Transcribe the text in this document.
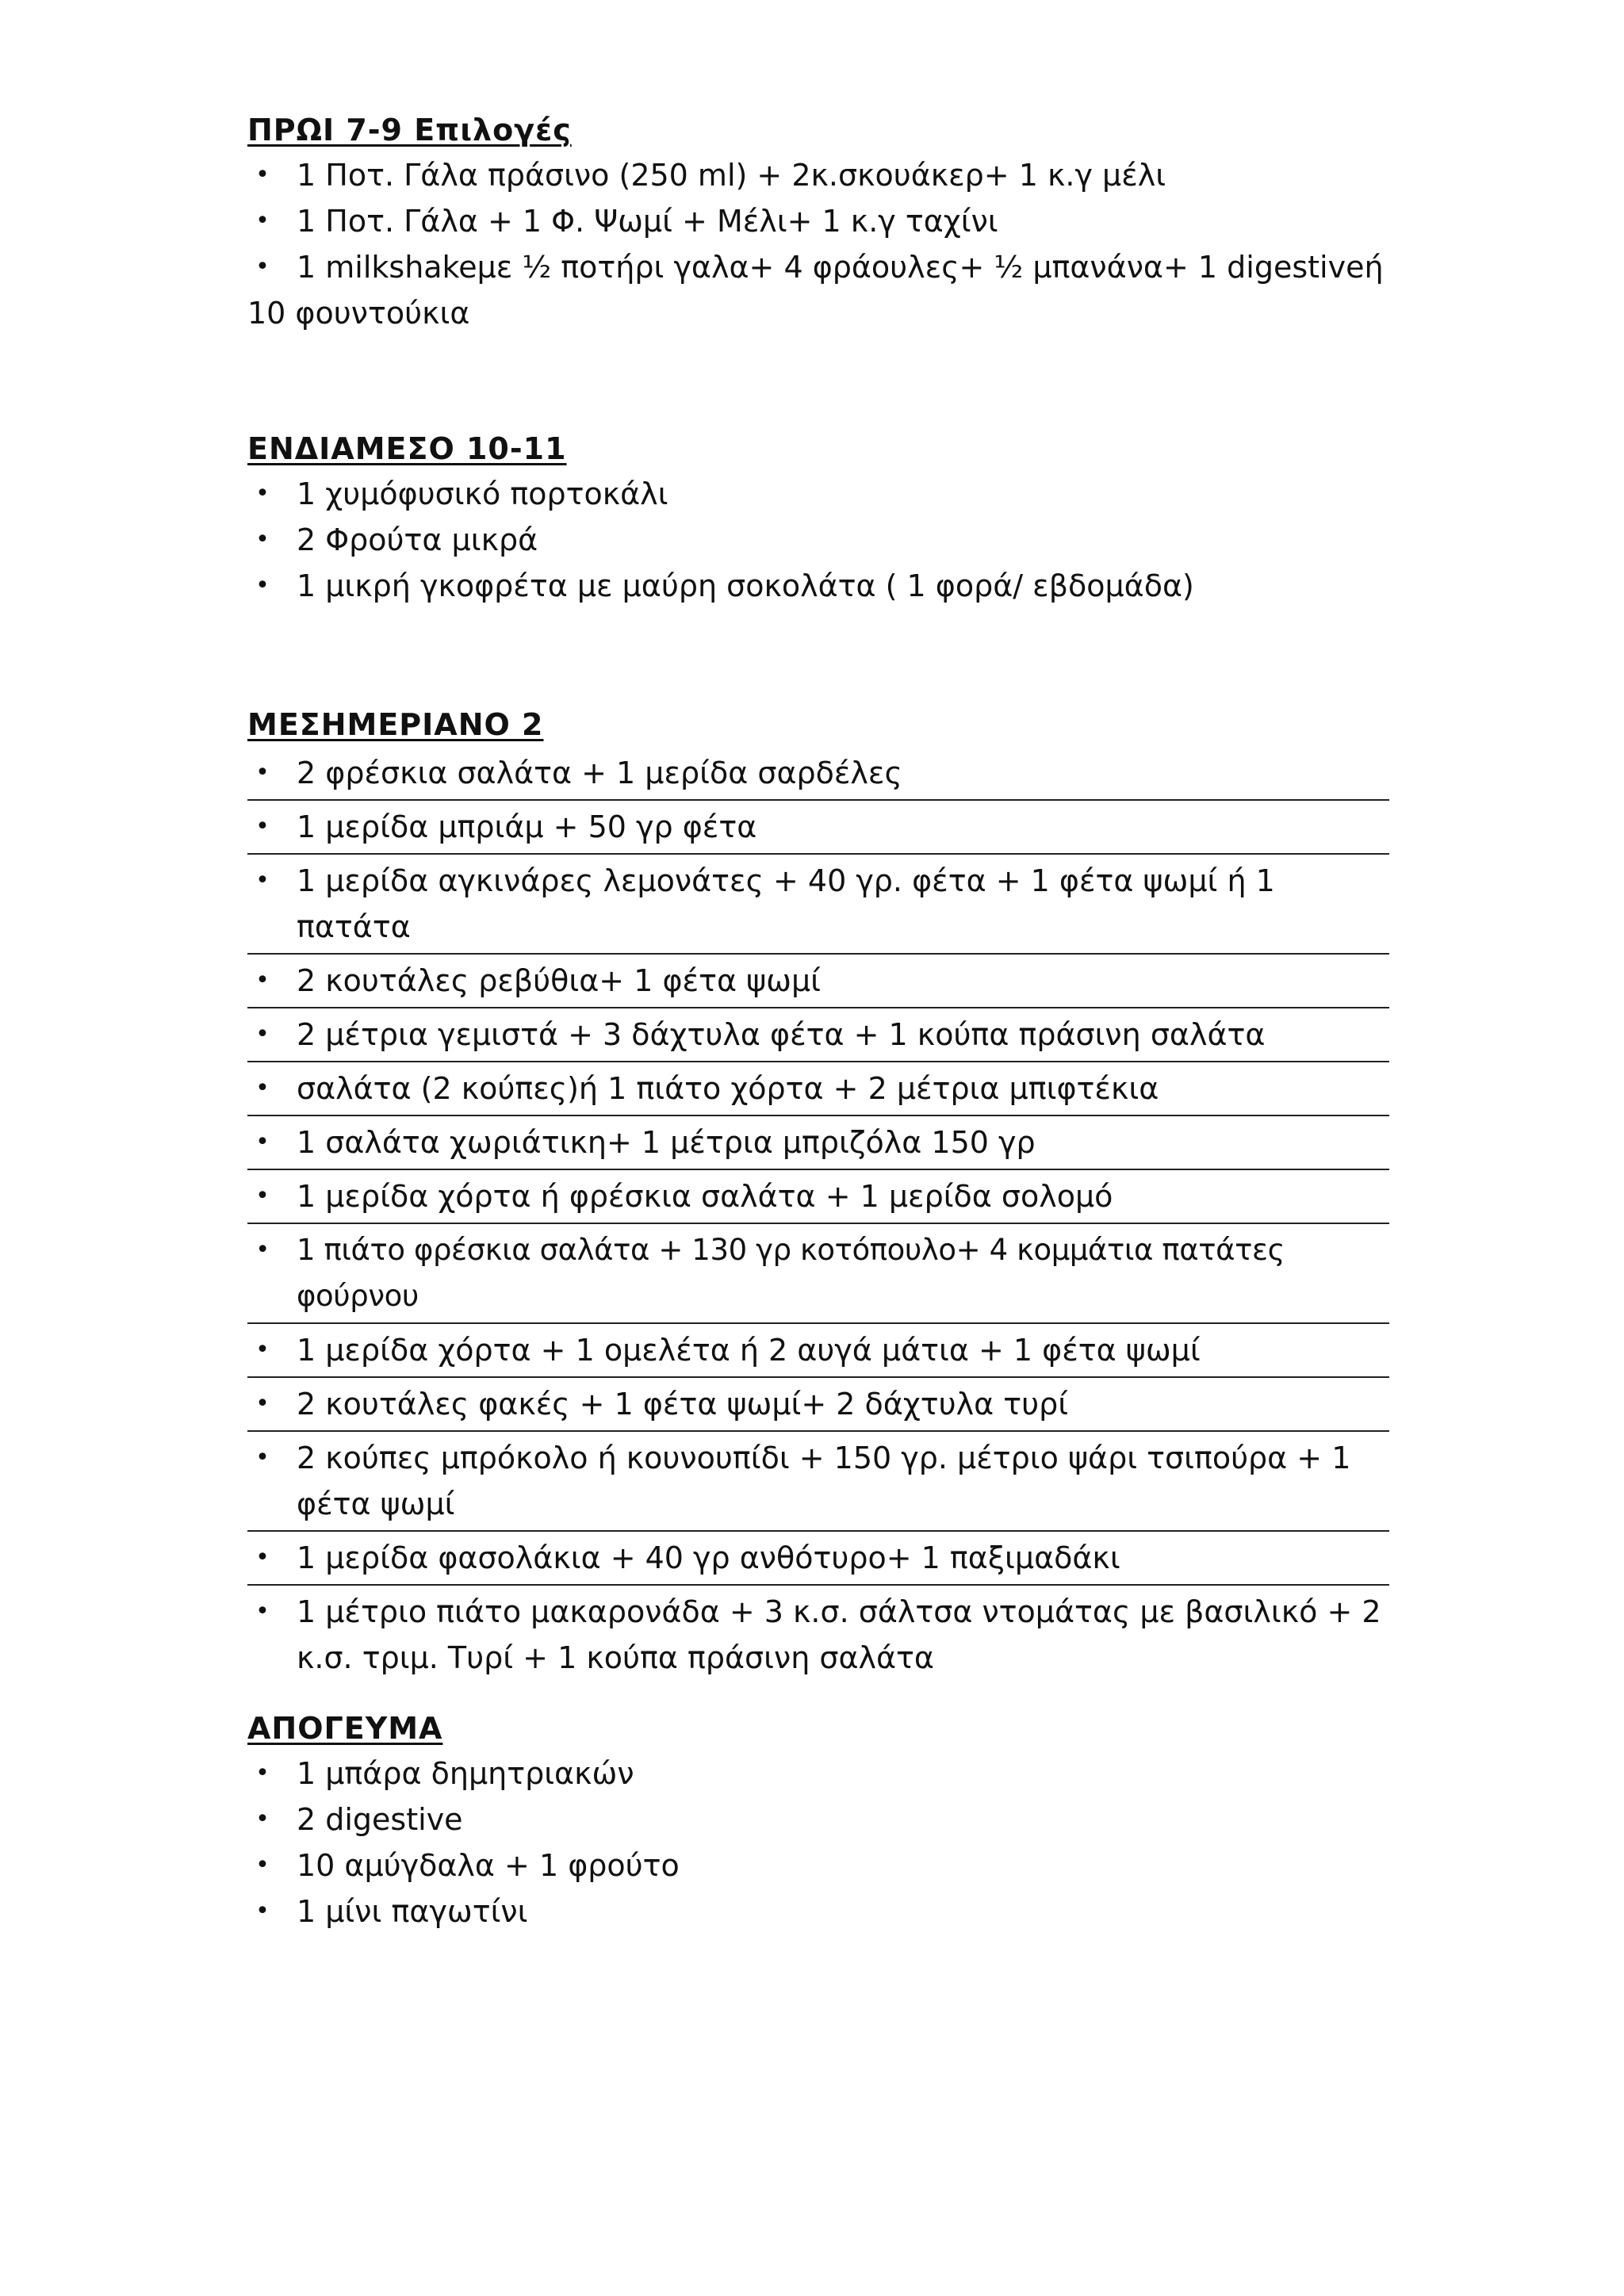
ΠΡΩΙ 7-9 Επιλογές
• 1 Ποτ. Γάλα πράσινο (250 ml) + 2κ.σκουάκερ+ 1 κ.γ μέλι
• 1 Ποτ. Γάλα + 1 Φ. Ψωμί + Μέλι+ 1 κ.γ ταχίνι
• 1 milkshakeμε ½ ποτήρι γαλα+ 4 φράουλες+ ½ μπανάνα+ 1 digestiveή 10 φουντούκια
ΕΝΔΙΑΜΕΣΟ 10-11
• 1 χυμόφυσικό πορτοκάλι
• 2 Φρούτα μικρά
• 1 μικρή γκοφρέτα με μαύρη σοκολάτα ( 1 φορά/ εβδομάδα)
ΜΕΣΗΜΕΡΙΑΝΟ 2
• 2 φρέσκια σαλάτα + 1 μερίδα σαρδέλες
• 1 μερίδα μπριάμ + 50 γρ φέτα
• 1 μερίδα αγκινάρες λεμονάτες + 40 γρ. φέτα + 1 φέτα ψωμί ή 1 πατάτα
• 2 κουτάλες ρεβύθια+ 1 φέτα ψωμί
• 2 μέτρια γεμιστά + 3 δάχτυλα φέτα + 1 κούπα πράσινη σαλάτα
• σαλάτα (2 κούπες)ή 1 πιάτο χόρτα + 2 μέτρια μπιφτέκια
• 1 σαλάτα χωριάτικη+ 1 μέτρια μπριζόλα 150 γρ
• 1 μερίδα χόρτα ή φρέσκια σαλάτα + 1 μερίδα σολομό
• 1 πιάτο φρέσκια σαλάτα + 130 γρ κοτόπουλο+ 4 κομμάτια πατάτες φούρνου
• 1 μερίδα χόρτα + 1 ομελέτα ή 2 αυγά μάτια + 1 φέτα ψωμί
• 2 κουτάλες φακές + 1 φέτα ψωμί+ 2 δάχτυλα τυρί
• 2 κούπες μπρόκολο ή κουνουπίδι + 150 γρ. μέτριο ψάρι τσιπούρα + 1 φέτα ψωμί
• 1 μερίδα φασολάκια + 40 γρ ανθότυρο+ 1 παξιμαδάκι
• 1 μέτριο πιάτο μακαρονάδα + 3 κ.σ. σάλτσα ντομάτας με βασιλικό + 2 κ.σ. τριμ. Τυρί + 1 κούπα πράσινη σαλάτα
ΑΠΟΓΕΥΜΑ
• 1 μπάρα δημητριακών
• 2 digestive
• 10 αμύγδαλα + 1 φρούτο
• 1 μίνι παγωτίνι
